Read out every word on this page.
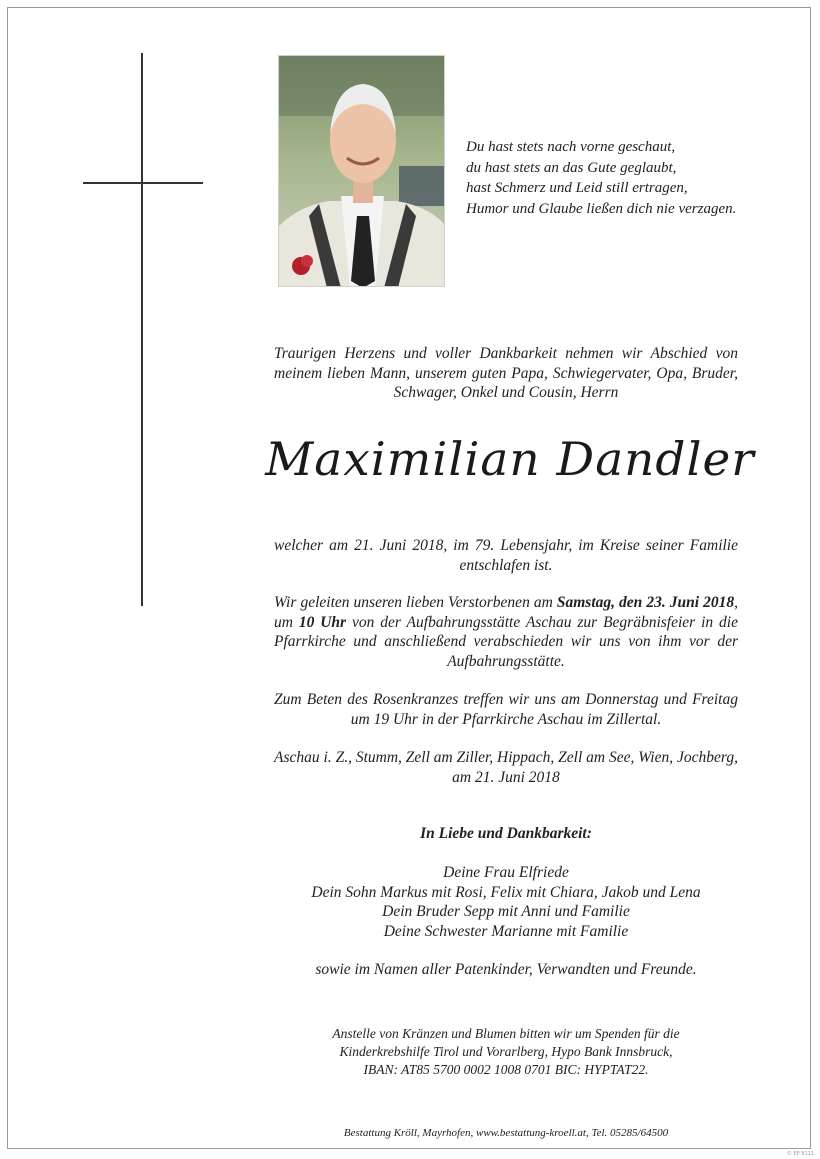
Du hast stets nach vorne geschaut,
du hast stets an das Gute geglaubt,
hast Schmerz und Leid still ertragen,
Humor und Glaube ließen dich nie verzagen.
Traurigen Herzens und voller Dankbarkeit nehmen wir Abschied von meinem lieben Mann, unserem guten Papa, Schwiegervater, Opa, Bruder, Schwager, Onkel und Cousin, Herrn
Maximilian Dandler
welcher am 21. Juni 2018, im 79. Lebensjahr, im Kreise seiner Familie entschlafen ist.
Wir geleiten unseren lieben Verstorbenen am Samstag, den 23. Juni 2018, um 10 Uhr von der Aufbahrungsstätte Aschau zur Begräbnisfeier in die Pfarrkirche und anschließend verabschieden wir uns von ihm vor der Aufbahrungsstätte.
Zum Beten des Rosenkranzes treffen wir uns am Donnerstag und Freitag um 19 Uhr in der Pfarrkirche Aschau im Zillertal.
Aschau i. Z., Stumm, Zell am Ziller, Hippach, Zell am See, Wien, Jochberg,
am 21. Juni 2018
In Liebe und Dankbarkeit:
Deine Frau Elfriede
Dein Sohn Markus mit Rosi, Felix mit Chiara, Jakob und Lena
Dein Bruder Sepp mit Anni und Familie
Deine Schwester Marianne mit Familie
sowie im Namen aller Patenkinder, Verwandten und Freunde.
Anstelle von Kränzen und Blumen bitten wir um Spenden für die
Kinderkrebshilfe Tirol und Vorarlberg, Hypo Bank Innsbruck,
IBAN: AT85 5700 0002 1008 0701 BIC: HYPTAT22.
Bestattung Kröll, Mayrhofen, www.bestattung-kroell.at, Tel. 05285/64500
© EP 9111
